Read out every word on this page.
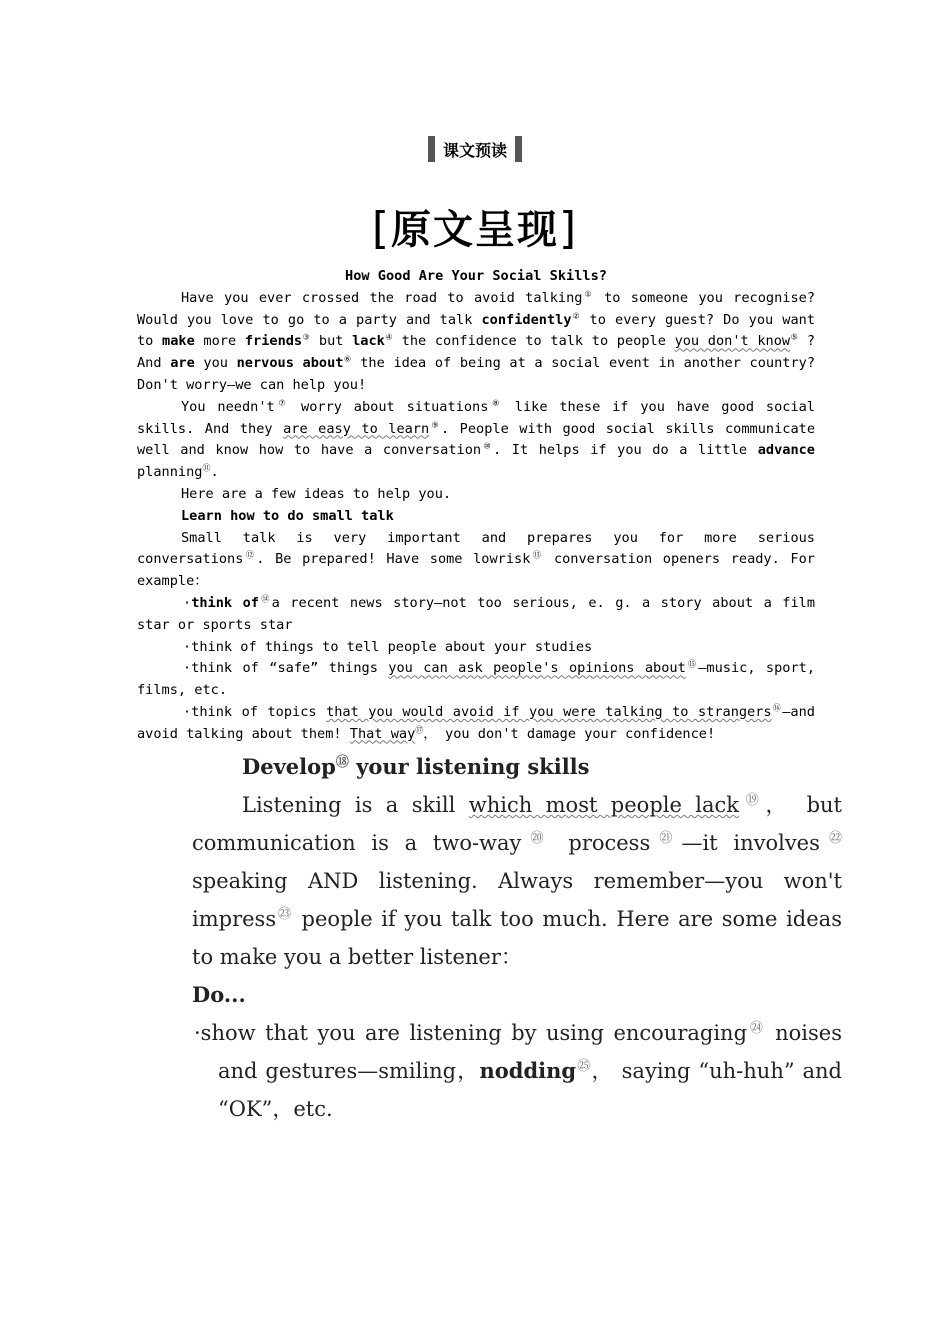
课文预读
[原文呈现]

How Good Are Your Social Skills?

Have you ever crossed the road to avoid talking① to someone you recognise? Would you love to go to a party and talk confidently② to every guest? Do you want to make more friends③ but lack④ the confidence to talk to people you don't know⑤ ? And are you nervous about⑥ the idea of being at a social event in another country? Don't worry—we can help you!

You needn't⑦ worry about situations⑧ like these if you have good social skills. And they are easy to learn⑨. People with good social skills communicate well and know how to have a conversation⑩. It helps if you do a little advance planning⑪.

Here are a few ideas to help you.

Learn how to do small talk

Small talk is very important and prepares you for more serious conversations⑫. Be prepared! Have some lowrisk⑬ conversation openers ready. For example：

·think of⑭a recent news story—not too serious, e. g. a story about a film star or sports star

·think of things to tell people about your studies

·think of “safe” things you can ask people's opinions about⑮—music, sport, films, etc.

·think of topics that you would avoid if you were talking to strangers⑯—and avoid talking about them! That way⑰， you don't damage your confidence!

Develop⑱ your listening skills

Listening is a skill which most people lack⑲， but communication is a two-way⑳ process$^㉑$—it involves$^㉒$ speaking AND listening. Always remember—you won't impress$^㉓$ people if you talk too much. Here are some ideas to make you a better listener：

Do...

·show that you are listening by using encouraging$^㉔$ noises and gestures—smiling，nodding$^㉕$， saying “uh-huh” and “OK”，etc.
